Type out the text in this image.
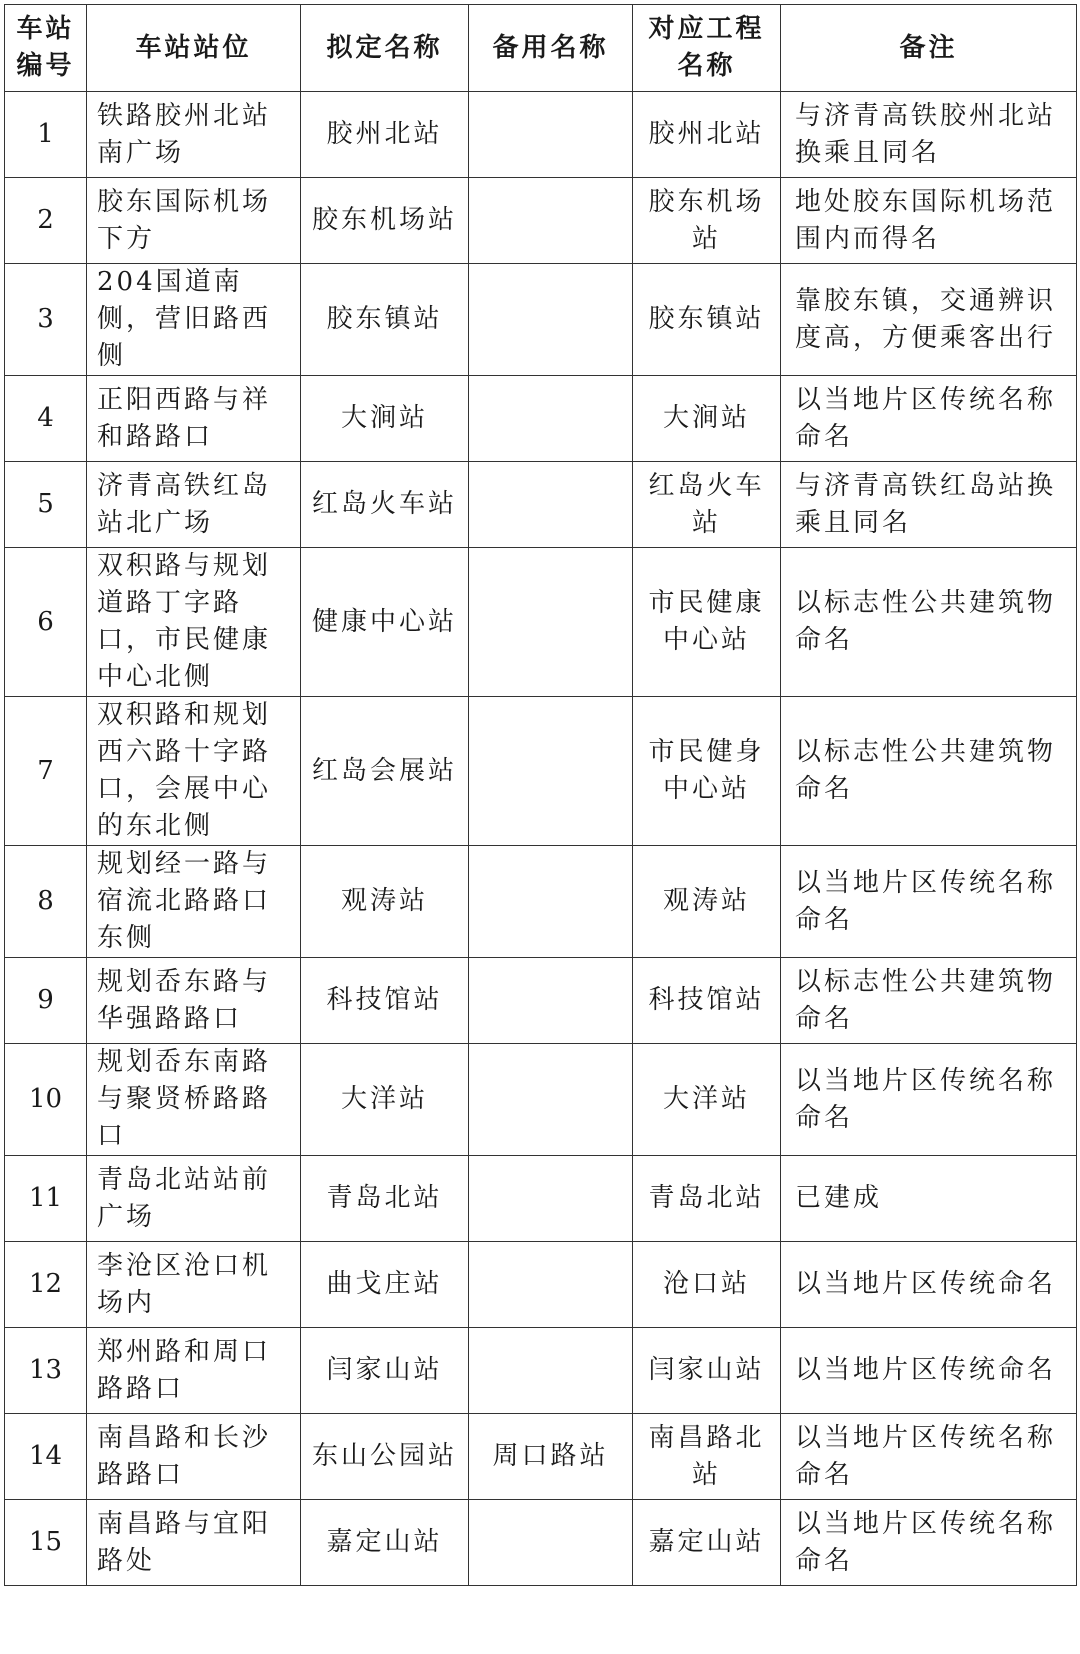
车站编号	车站站位	拟定名称	备用名称	对应工程名称	备注

1	铁路胶州北站南广场	胶州北站		胶州北站	与济青高铁胶州北站换乘且同名

2	胶东国际机场下方	胶东机场站		胶东机场站	地处胶东国际机场范围内而得名

3	204国道南侧，营旧路西侧	胶东镇站		胶东镇站	靠胶东镇，交通辨识度高，方便乘客出行

4	正阳西路与祥和路路口	大涧站		大涧站	以当地片区传统名称命名

5	济青高铁红岛站北广场	红岛火车站		红岛火车站	与济青高铁红岛站换乘且同名

6	双积路与规划道路丁字路口，市民健康中心北侧	健康中心站		市民健康中心站	以标志性公共建筑物命名

7	双积路和规划西六路十字路口，会展中心的东北侧	红岛会展站		市民健身中心站	以标志性公共建筑物命名

8	规划经一路与宿流北路路口东侧	观涛站		观涛站	以当地片区传统名称命名

9	规划岙东路与华强路路口	科技馆站		科技馆站	以标志性公共建筑物命名

10	规划岙东南路与聚贤桥路路口	大洋站		大洋站	以当地片区传统名称命名

11	青岛北站站前广场	青岛北站		青岛北站	已建成

12	李沧区沧口机场内	曲戈庄站		沧口站	以当地片区传统命名

13	郑州路和周口路路口	闫家山站		闫家山站	以当地片区传统命名

14	南昌路和长沙路路口	东山公园站	周口路站	南昌路北站	以当地片区传统名称命名

15	南昌路与宜阳路处	嘉定山站		嘉定山站	以当地片区传统名称命名
